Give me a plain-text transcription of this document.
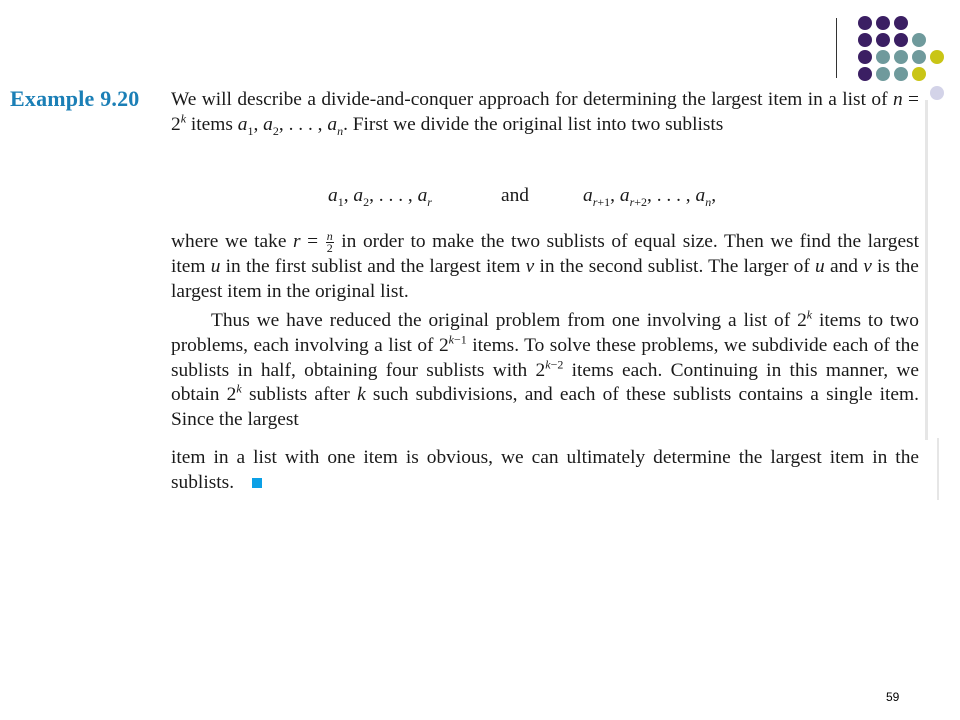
Example 9.20 We will describe a divide-and-conquer approach for determining the largest item in a list of $n = 2^k$ items $a_1$, $a_2$, . . . , $a_n$. First we divide the original list into two sublists
$a_1$, $a_2$, . . . , $a_r$	and	$a_{r+1}$, $a_{r+2}$, . . . , $a_n$,
where we take $r = \frac{n}{2}$ in order to make the two sublists of equal size. Then we find the largest item u in the first sublist and the largest item v in the second sublist. The larger of u and v is the largest item in the original list.
Thus we have reduced the original problem from one involving a list of 2$^k$ items to two problems, each involving a list of $2^{k-1}$ items. To solve these problems, we subdivide each of the sublists in half, obtaining four sublists with $2^{k-2}$ items each. Continuing in this manner, we obtain 2$^k$ sublists after k such subdivisions, and each of these sublists contains a single item. Since the largest
item in a list with one item is obvious, we can ultimately determine the largest item in the sublists.
59
